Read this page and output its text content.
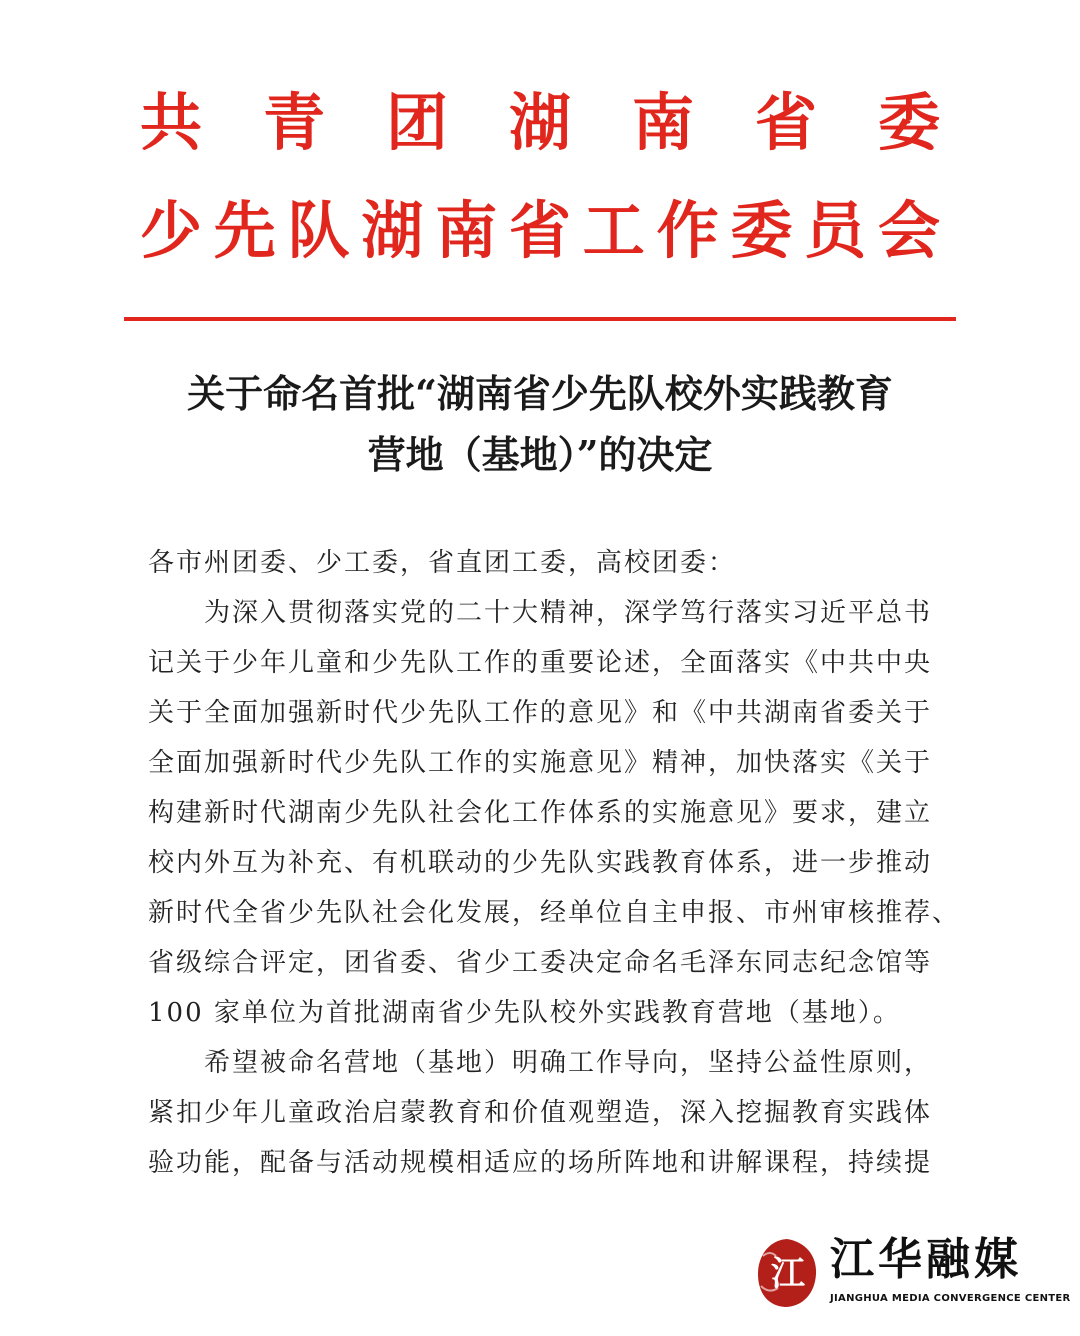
共青团湖南省委
少先队湖南省工作委员会
关于命名首批“湖南省少先队校外实践教育
营地（基地）”的决定
各市州团委、少工委，省直团工委，高校团委：
为深入贯彻落实党的二十大精神，深学笃行落实习近平总书
记关于少年儿童和少先队工作的重要论述，全面落实《中共中央
关于全面加强新时代少先队工作的意见》和《中共湖南省委关于
全面加强新时代少先队工作的实施意见》精神，加快落实《关于
构建新时代湖南少先队社会化工作体系的实施意见》要求，建立
校内外互为补充、有机联动的少先队实践教育体系，进一步推动
新时代全省少先队社会化发展，经单位自主申报、市州审核推荐、
省级综合评定，团省委、省少工委决定命名毛泽东同志纪念馆等
100 家单位为首批湖南省少先队校外实践教育营地（基地）。
希望被命名营地（基地）明确工作导向，坚持公益性原则，
紧扣少年儿童政治启蒙教育和价值观塑造，深入挖掘教育实践体
验功能，配备与活动规模相适应的场所阵地和讲解课程，持续提
江 江华融媒
JIANGHUA MEDIA CONVERGENCE CENTER
